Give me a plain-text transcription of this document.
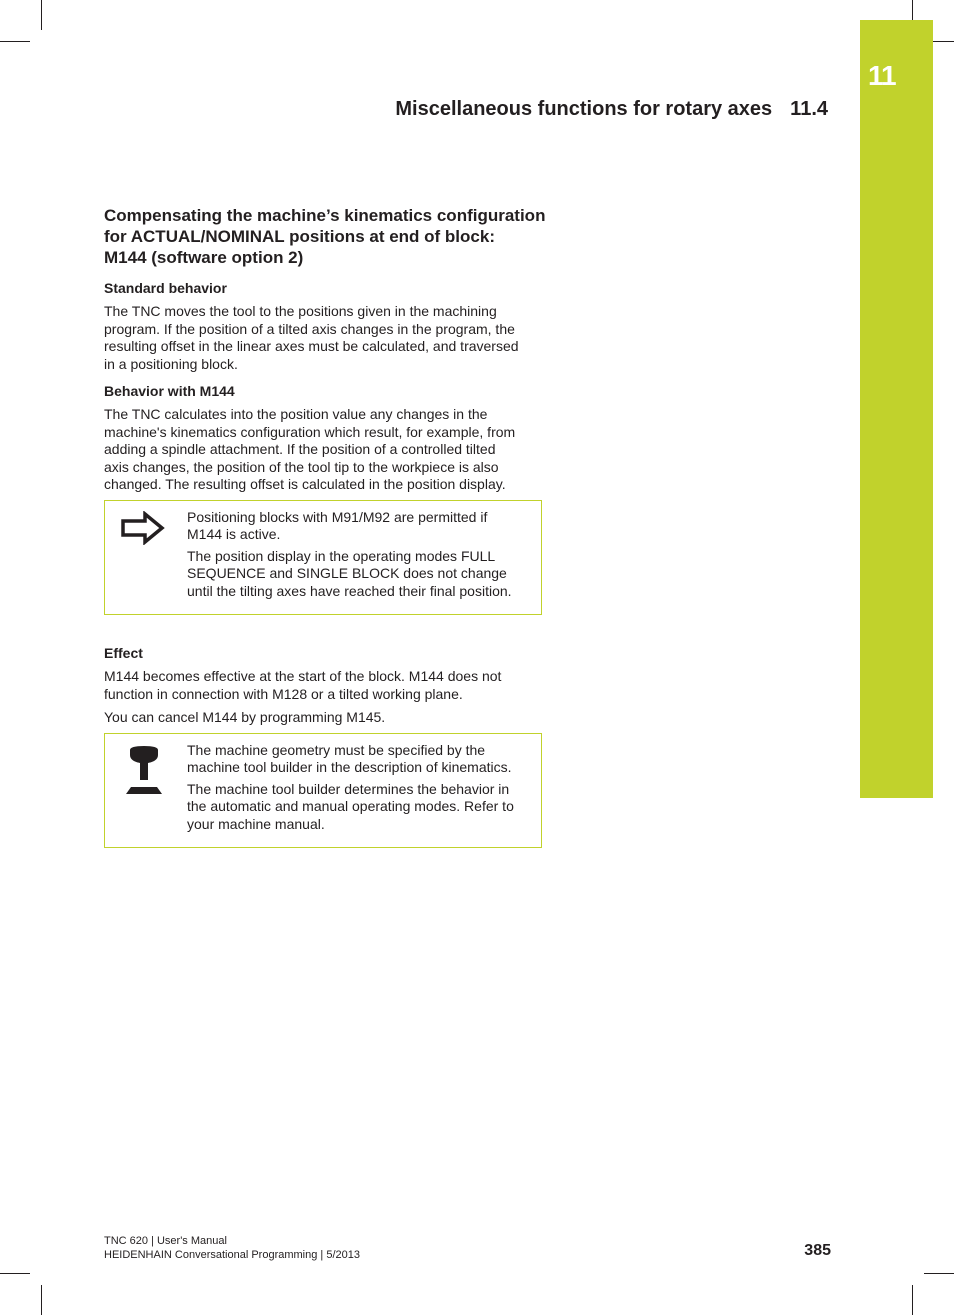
11
Miscellaneous functions for rotary axes 11.4
Compensating the machine’s kinematics configuration
for ACTUAL/NOMINAL positions at end of block:
M144 (software option 2)
Standard behavior

The TNC moves the tool to the positions given in the machining
program. If the position of a tilted axis changes in the program, the
resulting offset in the linear axes must be calculated, and traversed
in a positioning block.

Behavior with M144

The TNC calculates into the position value any changes in the
machine's kinematics configuration which result, for example, from
adding a spindle attachment. If the position of a controlled tilted
axis changes, the position of the tool tip to the workpiece is also
changed. The resulting offset is calculated in the position display.

Positioning blocks with M91/M92 are permitted if
M144 is active.

The position display in the operating modes FULL
SEQUENCE and SINGLE BLOCK does not change
until the tilting axes have reached their final position.

Effect

M144 becomes effective at the start of the block. M144 does not
function in connection with M128 or a tilted working plane.

You can cancel M144 by programming M145.

The machine geometry must be specified by the
machine tool builder in the description of kinematics.

The machine tool builder determines the behavior in
the automatic and manual operating modes. Refer to
your machine manual.

TNC 620 | User's Manual
HEIDENHAIN Conversational Programming | 5/2013	385
